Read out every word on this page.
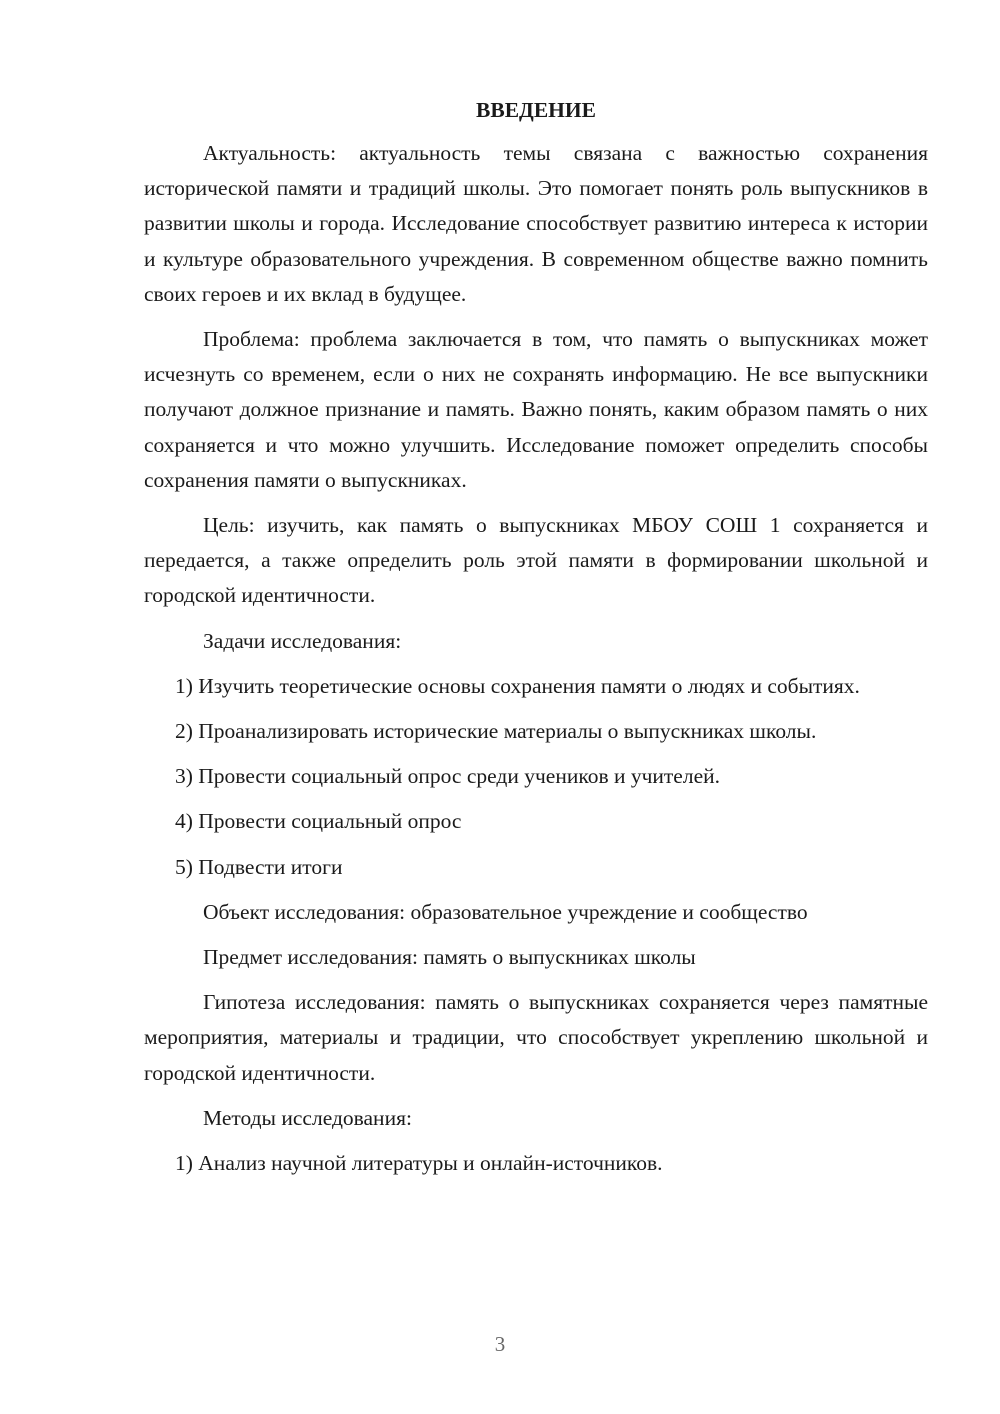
ВВЕДЕНИЕ

Актуальность: актуальность темы связана с важностью сохранения исторической памяти и традиций школы. Это помогает понять роль выпускников в развитии школы и города. Исследование способствует развитию интереса к истории и культуре образовательного учреждения. В современном обществе важно помнить своих героев и их вклад в будущее.

Проблема: проблема заключается в том, что память о выпускниках может исчезнуть со временем, если о них не сохранять информацию. Не все выпускники получают должное признание и память. Важно понять, каким образом память о них сохраняется и что можно улучшить. Исследование поможет определить способы сохранения памяти о выпускниках.

Цель: изучить, как память о выпускниках МБОУ СОШ 1 сохраняется и передается, а также определить роль этой памяти в формировании школьной и городской идентичности.

Задачи исследования:

1) Изучить теоретические основы сохранения памяти о людях и событиях.

2) Проанализировать исторические материалы о выпускниках школы.

3) Провести социальный опрос среди учеников и учителей.

4) Провести социальный опрос

5) Подвести итоги

Объект исследования: образовательное учреждение и сообщество

Предмет исследования: память о выпускниках школы

Гипотеза исследования: память о выпускниках сохраняется через памятные мероприятия, материалы и традиции, что способствует укреплению школьной и городской идентичности.

Методы исследования:

1) Анализ научной литературы и онлайн-источников.

3
